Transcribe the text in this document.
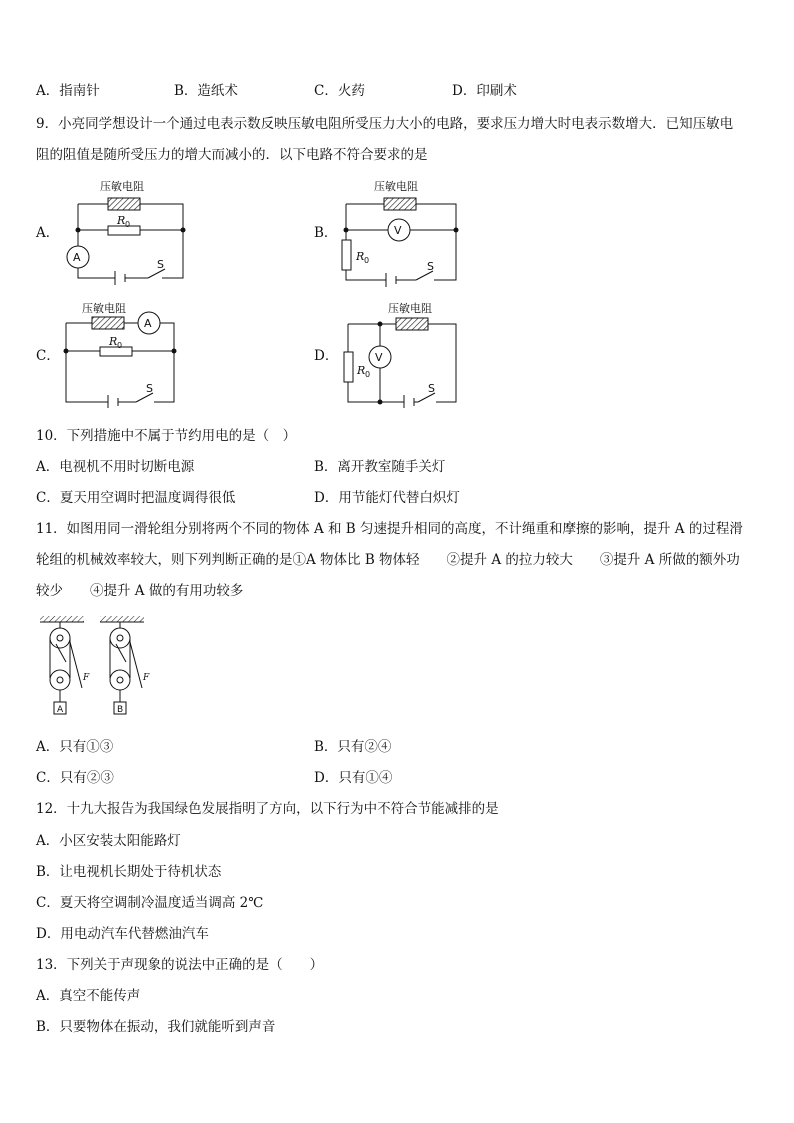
A．指南针	B．造纸术	C．火药	D．印刷术
9．小亮同学想设计一个通过电表示数反映压敏电阻所受压力大小的电路，要求压力增大时电表示数增大．已知压敏电
阻的阻值是随所受压力的增大而减小的．以下电路不符合要求的是
A．	B．
C．	D．
压敏电阻
R 0
A
S
压敏电阻
V
R 0	S
压敏电阻
A
R 0
S
压敏电阻
V
R 0
S
10．下列措施中不属于节约用电的是（　）
A．电视机不用时切断电源	B．离开教室随手关灯
C．夏天用空调时把温度调得很低	D．用节能灯代替白炽灯
11．如图用同一滑轮组分别将两个不同的物体 A 和 B 匀速提升相同的高度，不计绳重和摩擦的影响，提升 A 的过程滑
轮组的机械效率较大，则下列判断正确的是①A 物体比 B 物体轻　　②提升 A 的拉力较大　　③提升 A 所做的额外功
较少　　④提升 A 做的有用功较多
F
A
F
B
A．只有①③	B．只有②④
C．只有②③	D．只有①④
12．十九大报告为我国绿色发展指明了方向，以下行为中不符合节能减排的是
A．小区安装太阳能路灯
B．让电视机长期处于待机状态
C．夏天将空调制冷温度适当调高 2℃
D．用电动汽车代替燃油汽车
13．下列关于声现象的说法中正确的是（　　）
A．真空不能传声
B．只要物体在振动，我们就能听到声音
